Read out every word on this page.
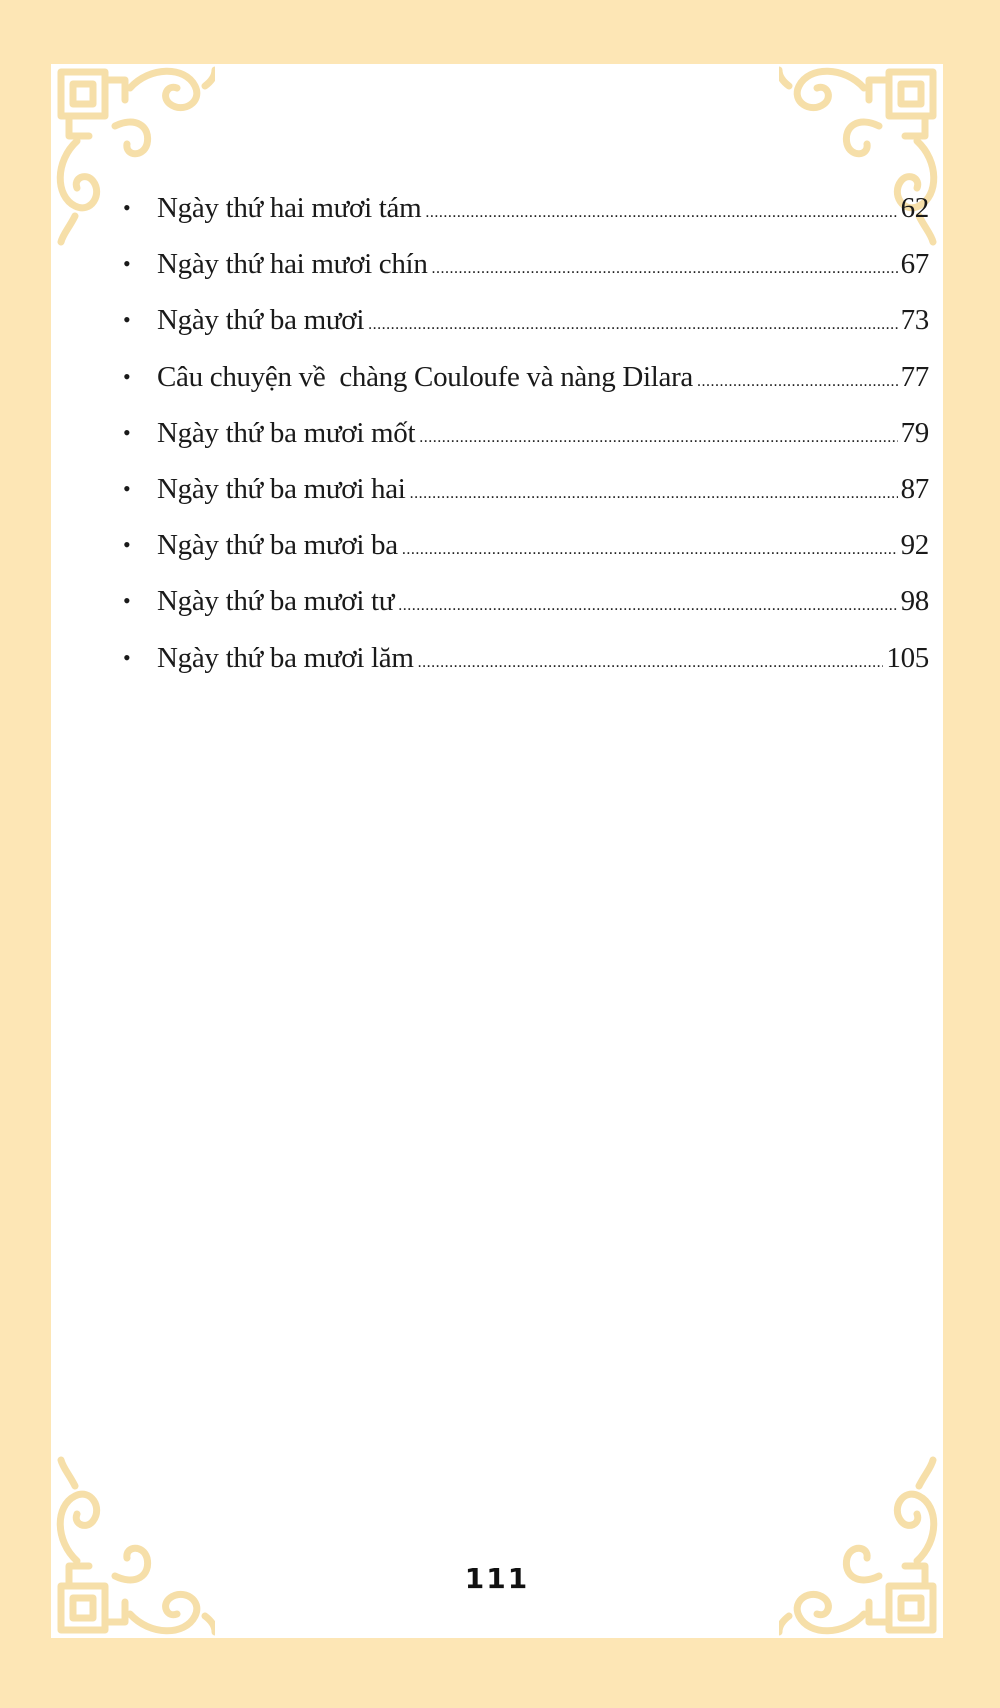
• Ngày thứ hai mươi tám .....	62
• Ngày thứ hai mươi chín .....	67
• Ngày thứ ba mươi .....	73
• Câu chuyện về  chàng Couloufe và nàng Dilara .....	77
• Ngày thứ ba mươi mốt .....	79
• Ngày thứ ba mươi hai .....	87
• Ngày thứ ba mươi ba .....	92
• Ngày thứ ba mươi tư .....	98
• Ngày thứ ba mươi lăm .....	105
111
